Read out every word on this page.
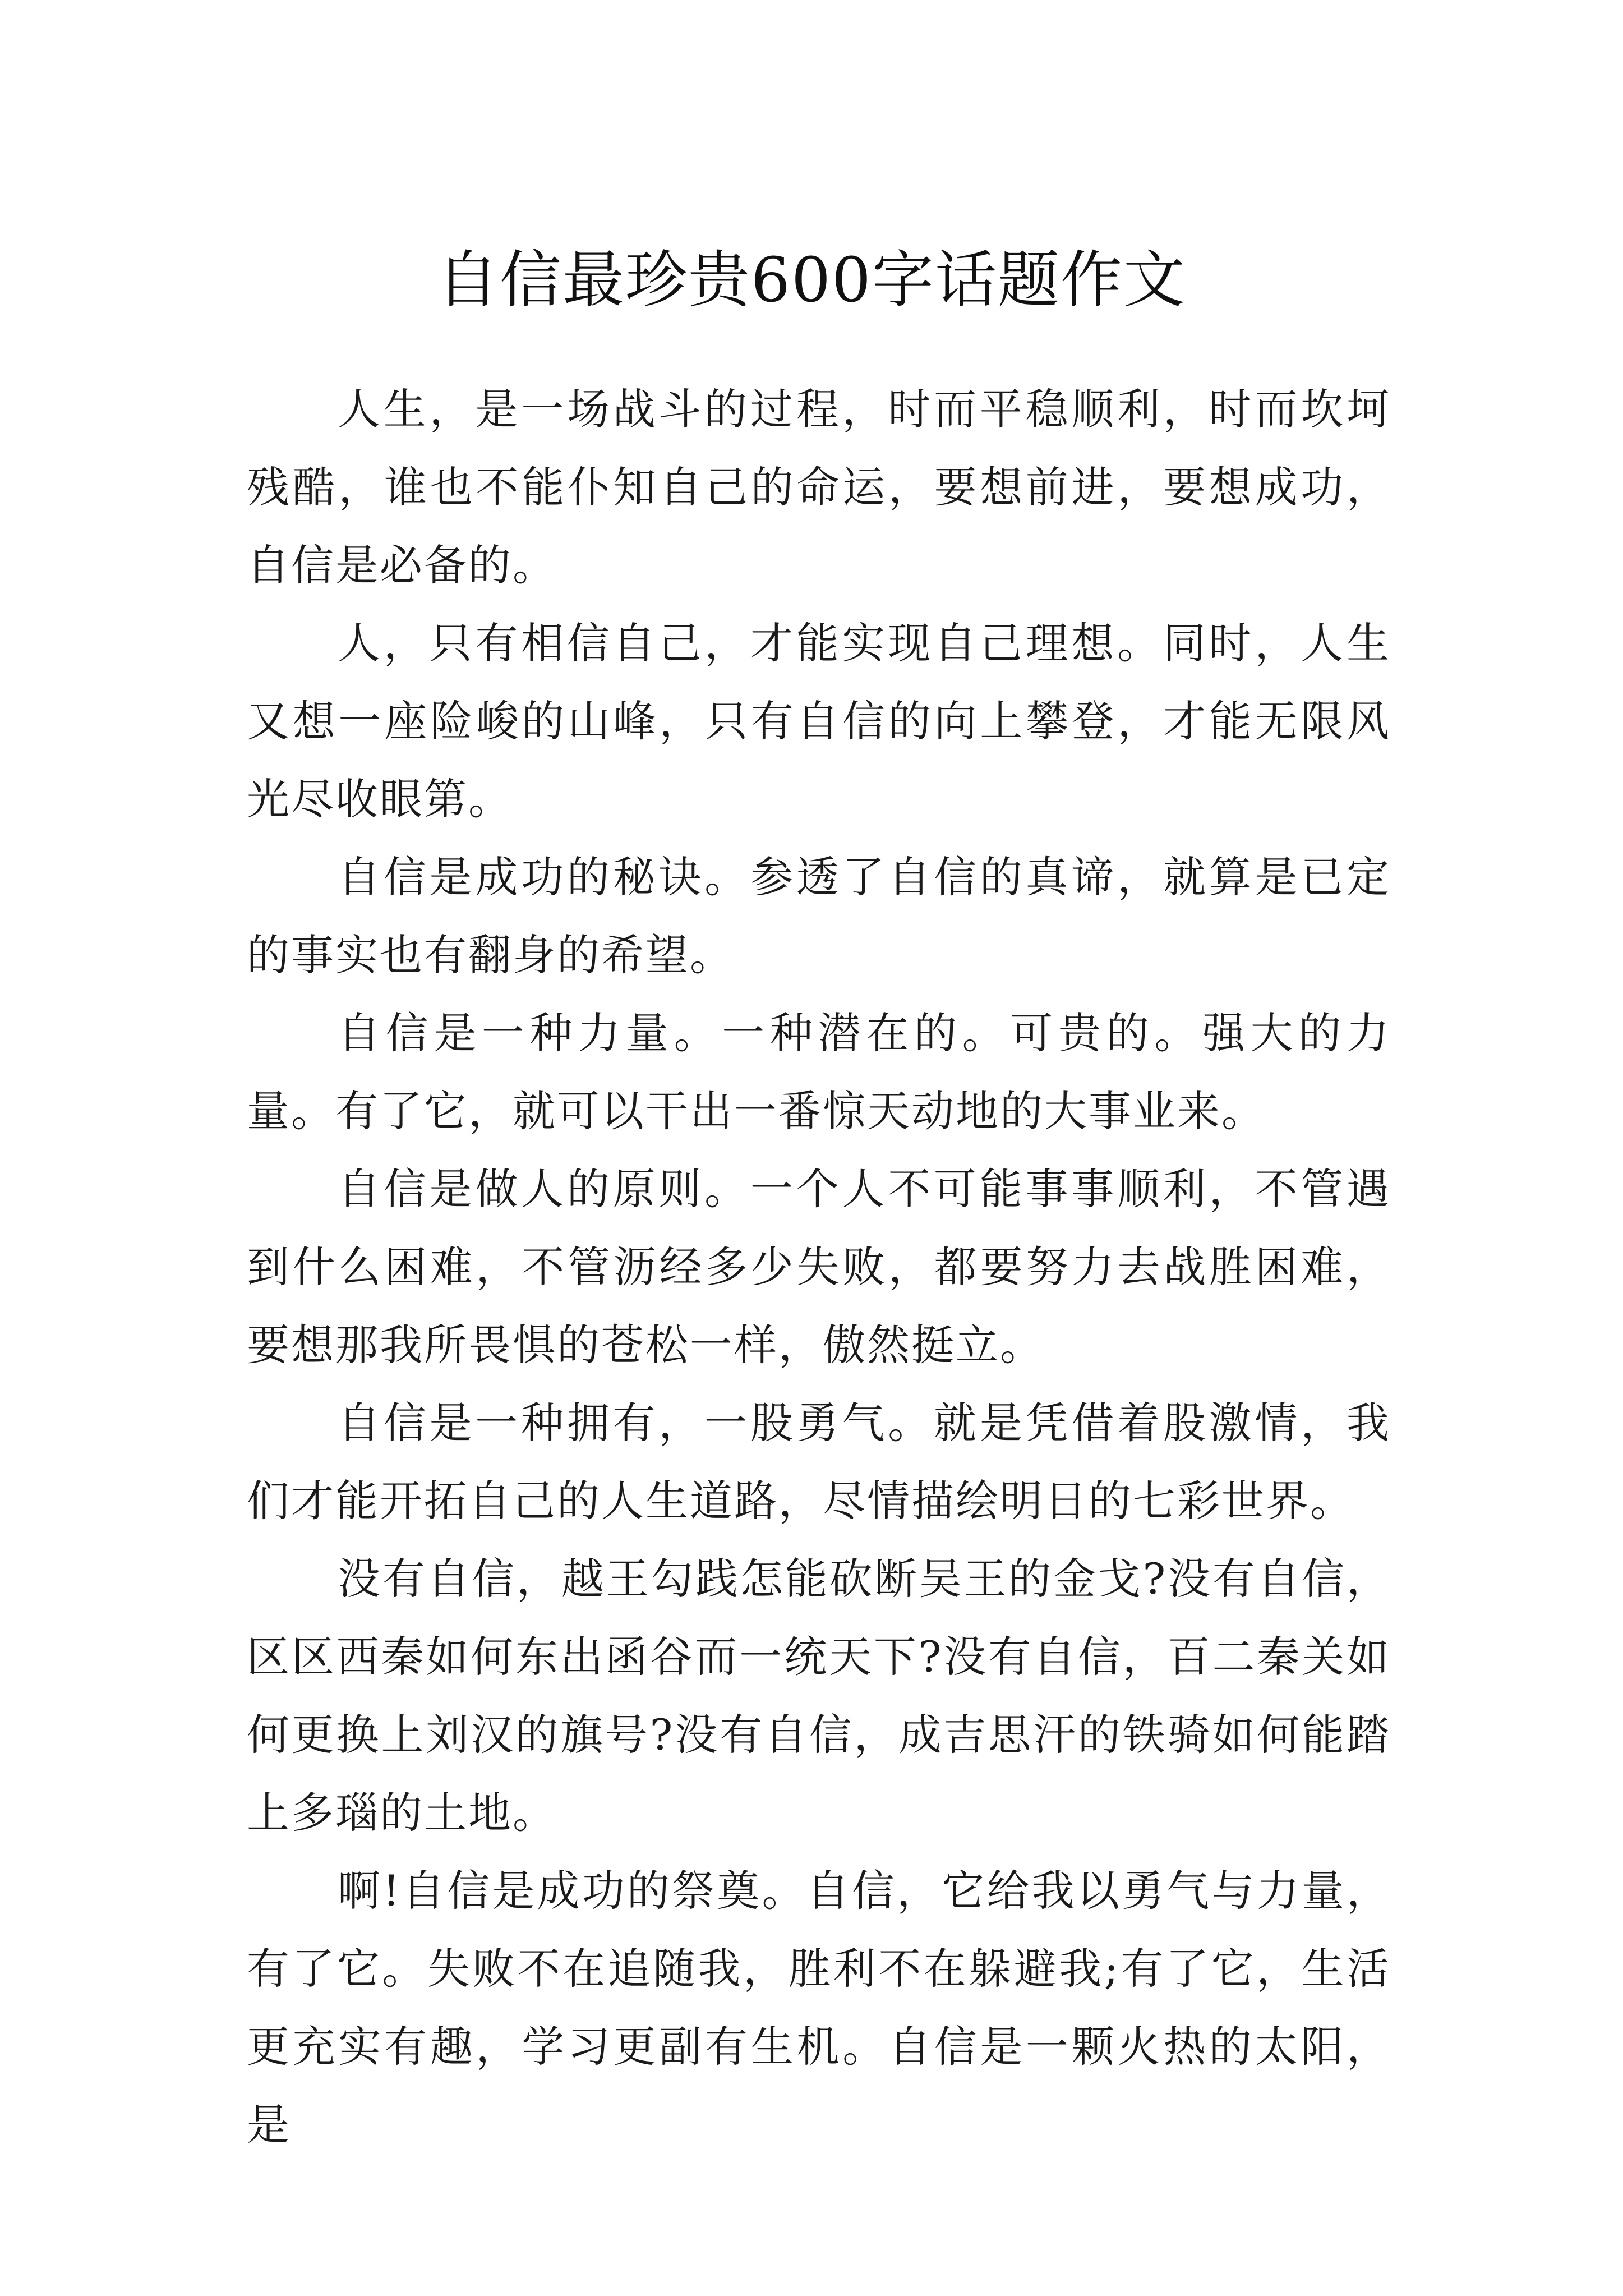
自信最珍贵600字话题作文

人生，是一场战斗的过程，时而平稳顺利，时而坎坷残酷，谁也不能仆知自己的命运，要想前进，要想成功，自信是必备的。

人，只有相信自己，才能实现自己理想。同时，人生又想一座险峻的山峰，只有自信的向上攀登，才能无限风光尽收眼第。

自信是成功的秘诀。参透了自信的真谛，就算是已定的事实也有翻身的希望。

自信是一种力量。一种潜在的。可贵的。强大的力量。有了它，就可以干出一番惊天动地的大事业来。

自信是做人的原则。一个人不可能事事顺利，不管遇到什么困难，不管沥经多少失败，都要努力去战胜困难，要想那我所畏惧的苍松一样，傲然挺立。

自信是一种拥有，一股勇气。就是凭借着股激情，我们才能开拓自己的人生道路，尽情描绘明日的七彩世界。

没有自信，越王勾践怎能砍断吴王的金戈?没有自信，区区西秦如何东出函谷而一统天下?没有自信，百二秦关如何更换上刘汉的旗号?没有自信，成吉思汗的铁骑如何能踏上多瑙的土地。

啊!自信是成功的祭奠。自信，它给我以勇气与力量，有了它。失败不在追随我，胜利不在躲避我;有了它，生活更充实有趣，学习更副有生机。自信是一颗火热的太阳，是
